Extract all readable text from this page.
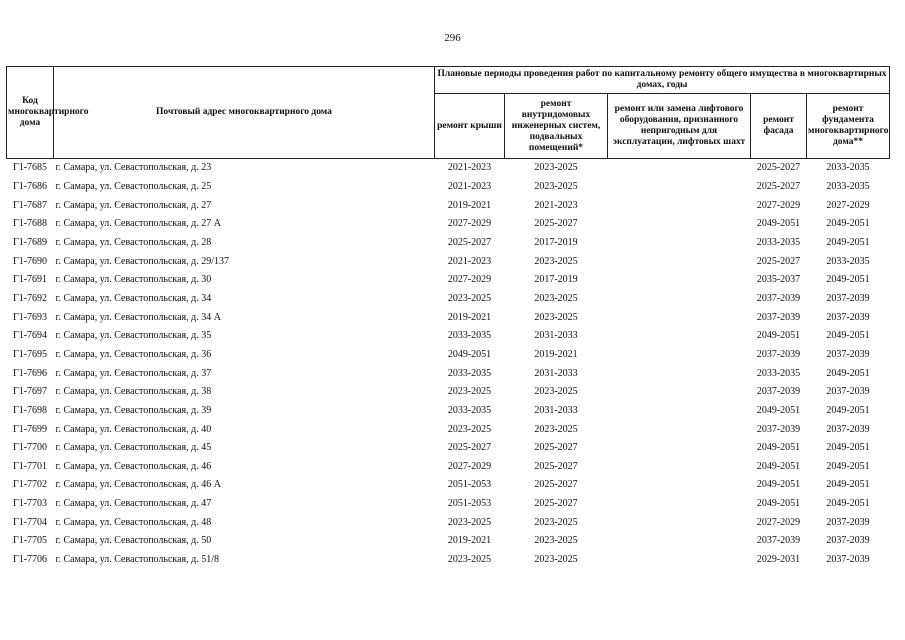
296
Код многоквартирного дома	Почтовый адрес многоквартирного дома	Плановые периоды проведения работ по капитальному ремонту общего имущества в многоквартирных домах, годы				
		ремонт крыши	ремонт внутридомовых инженерных систем, подвальных помещений*	ремонт или замена лифтового оборудования, признанного непригодным для эксплуатации, лифтовых шахт	ремонт фасада	ремонт фундамента многоквартирного дома**
Г1-7685	г. Самара, ул. Севастопольская, д. 23	2021-2023	2023-2025		2025-2027	2033-2035
Г1-7686	г. Самара, ул. Севастопольская, д. 25	2021-2023	2023-2025		2025-2027	2033-2035
Г1-7687	г. Самара, ул. Севастопольская, д. 27	2019-2021	2021-2023		2027-2029	2027-2029
Г1-7688	г. Самара, ул. Севастопольская, д. 27 А	2027-2029	2025-2027		2049-2051	2049-2051
Г1-7689	г. Самара, ул. Севастопольская, д. 28	2025-2027	2017-2019		2033-2035	2049-2051
Г1-7690	г. Самара, ул. Севастопольская, д. 29/137	2021-2023	2023-2025		2025-2027	2033-2035
Г1-7691	г. Самара, ул. Севастопольская, д. 30	2027-2029	2017-2019		2035-2037	2049-2051
Г1-7692	г. Самара, ул. Севастопольская, д. 34	2023-2025	2023-2025		2037-2039	2037-2039
Г1-7693	г. Самара, ул. Севастопольская, д. 34 А	2019-2021	2023-2025		2037-2039	2037-2039
Г1-7694	г. Самара, ул. Севастопольская, д. 35	2033-2035	2031-2033		2049-2051	2049-2051
Г1-7695	г. Самара, ул. Севастопольская, д. 36	2049-2051	2019-2021		2037-2039	2037-2039
Г1-7696	г. Самара, ул. Севастопольская, д. 37	2033-2035	2031-2033		2033-2035	2049-2051
Г1-7697	г. Самара, ул. Севастопольская, д. 38	2023-2025	2023-2025		2037-2039	2037-2039
Г1-7698	г. Самара, ул. Севастопольская, д. 39	2033-2035	2031-2033		2049-2051	2049-2051
Г1-7699	г. Самара, ул. Севастопольская, д. 40	2023-2025	2023-2025		2037-2039	2037-2039
Г1-7700	г. Самара, ул. Севастопольская, д. 45	2025-2027	2025-2027		2049-2051	2049-2051
Г1-7701	г. Самара, ул. Севастопольская, д. 46	2027-2029	2025-2027		2049-2051	2049-2051
Г1-7702	г. Самара, ул. Севастопольская, д. 46 А	2051-2053	2025-2027		2049-2051	2049-2051
Г1-7703	г. Самара, ул. Севастопольская, д. 47	2051-2053	2025-2027		2049-2051	2049-2051
Г1-7704	г. Самара, ул. Севастопольская, д. 48	2023-2025	2023-2025		2027-2029	2037-2039
Г1-7705	г. Самара, ул. Севастопольская, д. 50	2019-2021	2023-2025		2037-2039	2037-2039
Г1-7706	г. Самара, ул. Севастопольская, д. 51/8	2023-2025	2023-2025		2029-2031	2037-2039
